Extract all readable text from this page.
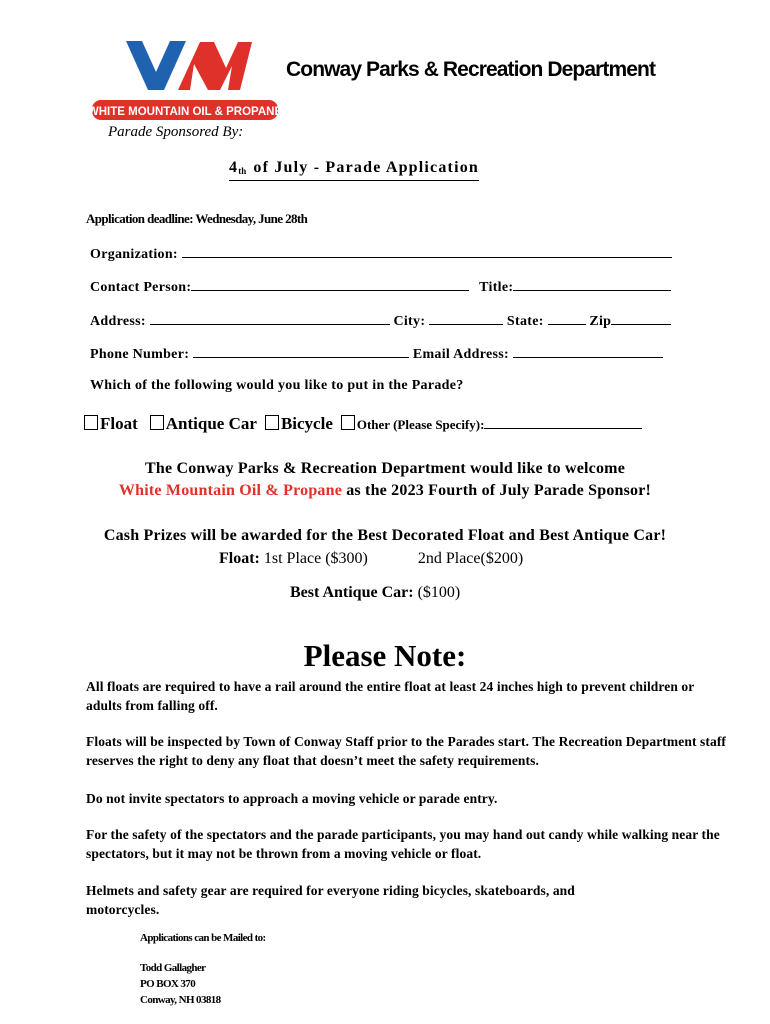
WHITE MOUNTAIN OIL & PROPANE
Conway Parks & Recreation Department
Parade Sponsored By:
4th of July - Parade Application
Application deadline: Wednesday, June 28th
Organization:
Contact Person:	Title:
Address:	City:	State:	Zip
Phone Number:	Email Address:
Which of the following would you like to put in the Parade?
Float Antique Car Bicycle Other (Please Specify):
The Conway Parks & Recreation Department would like to welcome
White Mountain Oil & Propane as the 2023 Fourth of July Parade Sponsor!
Cash Prizes will be awarded for the Best Decorated Float and Best Antique Car!
Float: 1st Place ($300)	2nd Place($200)
Best Antique Car: ($100)
Please Note:
All floats are required to have a rail around the entire float at least 24 inches high to prevent children or adults from falling off.
Floats will be inspected by Town of Conway Staff prior to the Parades start. The Recreation Department staff reserves the right to deny any float that doesn’t meet the safety requirements.
Do not invite spectators to approach a moving vehicle or parade entry.
For the safety of the spectators and the parade participants, you may hand out candy while walking near the spectators, but it may not be thrown from a moving vehicle or float.
Helmets and safety gear are required for everyone riding bicycles, skateboards, and motorcycles.
Applications can be Mailed to:
Todd Gallagher
PO BOX 370
Conway, NH 03818
